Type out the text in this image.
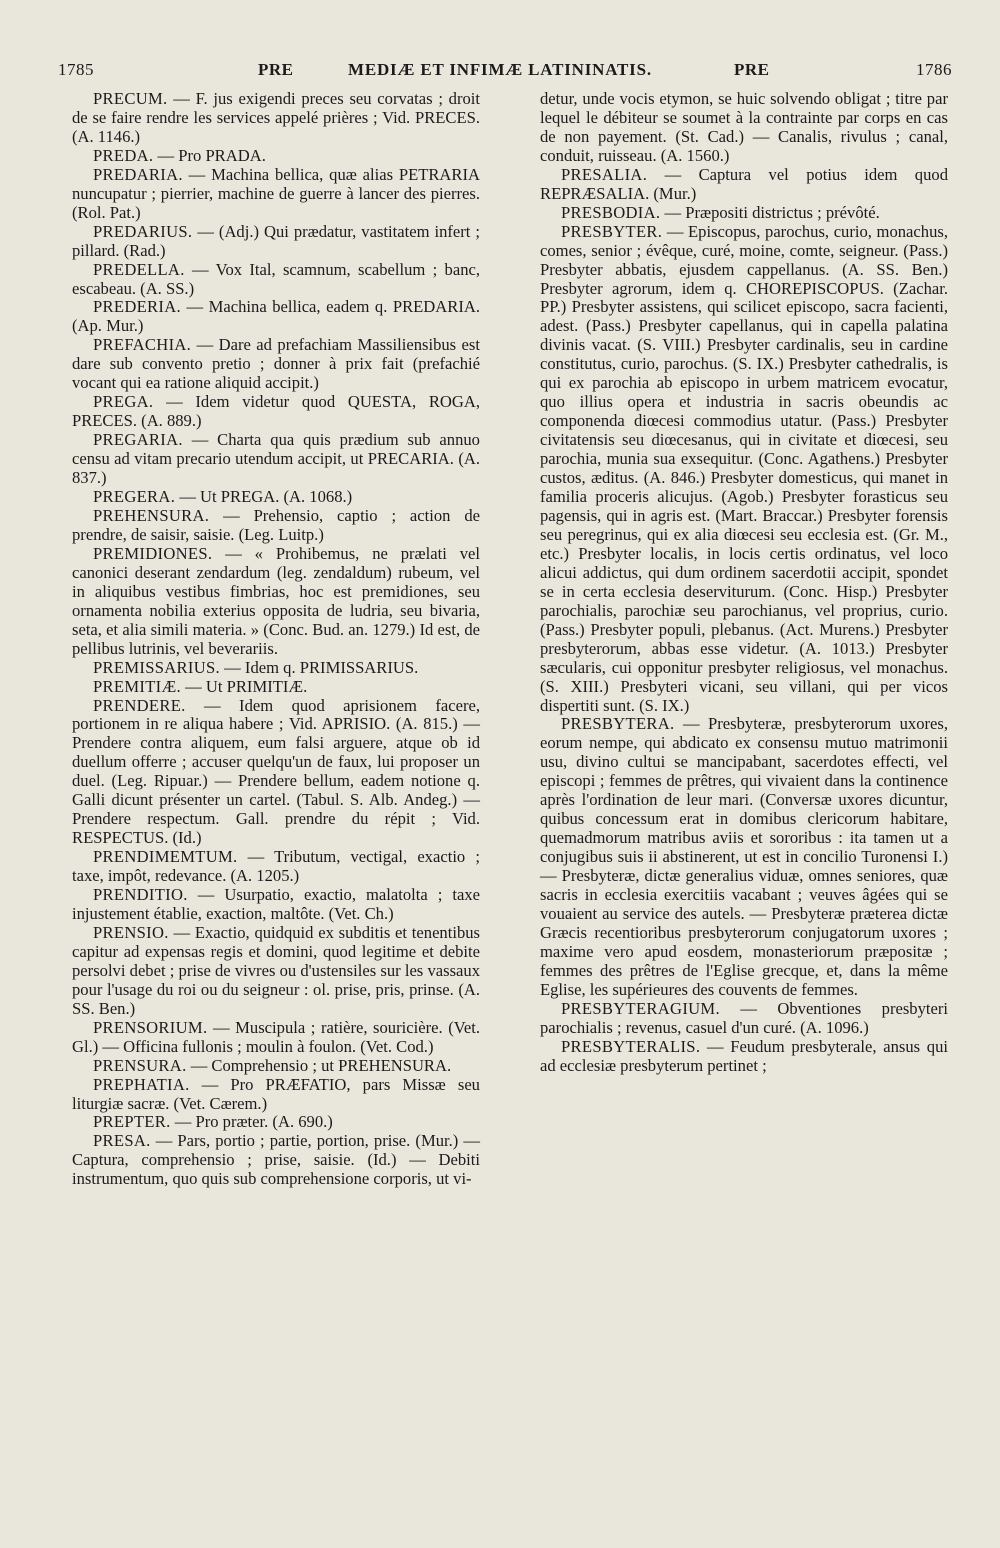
1785	PRE	MEDIÆ ET INFIMÆ LATININATIS.	PRE	1786

PRECUM. — F. jus exigendi preces seu corvatas ; droit de se faire rendre les services appelé prières ; Vid. PRECES. (A. 1146.)

PREDA. — Pro PRADA.

PREDARIA. — Machina bellica, quæ alias PETRARIA nuncupatur ; pierrier, machine de guerre à lancer des pierres. (Rol. Pat.)

PREDARIUS. — (Adj.) Qui prædatur, vastitatem infert ; pillard. (Rad.)

PREDELLA. — Vox Ital, scamnum, scabellum ; banc, escabeau. (A. SS.)

PREDERIA. — Machina bellica, eadem q. PREDARIA. (Ap. Mur.)

PREFACHIA. — Dare ad prefachiam Massiliensibus est dare sub convento pretio ; donner à prix fait (prefachié vocant qui ea ratione aliquid accipit.)

PREGA. — Idem videtur quod QUESTA, ROGA, PRECES. (A. 889.)

PREGARIA. — Charta qua quis prædium sub annuo censu ad vitam precario utendum accipit, ut PRECARIA. (A. 837.)

PREGERA. — Ut PREGA. (A. 1068.)

PREHENSURA. — Prehensio, captio ; action de prendre, de saisir, saisie. (Leg. Luitp.)

PREMIDIONES. — « Prohibemus, ne prælati vel canonici deserant zendardum (leg. zendaldum) rubeum, vel in aliquibus vestibus fimbrias, hoc est premidiones, seu ornamenta nobilia exterius opposita de ludria, seu bivaria, seta, et alia simili materia. » (Conc. Bud. an. 1279.) Id est, de pellibus lutrinis, vel beverariis.

PREMISSARIUS. — Idem q. PRIMISSARIUS.

PREMITIÆ. — Ut PRIMITIÆ.

PRENDERE. — Idem quod aprisionem facere, portionem in re aliqua habere ; Vid. APRISIO. (A. 815.) — Prendere contra aliquem, eum falsi arguere, atque ob id duellum offerre ; accuser quelqu'un de faux, lui proposer un duel. (Leg. Ripuar.) — Prendere bellum, eadem notione q. Galli dicunt présenter un cartel. (Tabul. S. Alb. Andeg.) — Prendere respectum. Gall. prendre du répit ; Vid. RESPECTUS. (Id.)

PRENDIMEMTUM. — Tributum, vectigal, exactio ; taxe, impôt, redevance. (A. 1205.)

PRENDITIO. — Usurpatio, exactio, malatolta ; taxe injustement établie, exaction, maltôte. (Vet. Ch.)

PRENSIO. — Exactio, quidquid ex subditis et tenentibus capitur ad expensas regis et domini, quod legitime et debite persolvi debet ; prise de vivres ou d'ustensiles sur les vassaux pour l'usage du roi ou du seigneur : ol. prise, pris, prinse. (A. SS. Ben.)

PRENSORIUM. — Muscipula ; ratière, souricière. (Vet. Gl.) — Officina fullonis ; moulin à foulon. (Vet. Cod.)

PRENSURA. — Comprehensio ; ut PREHENSURA.

PREPHATIA. — Pro PRÆFATIO, pars Missæ seu liturgiæ sacræ. (Vet. Cærem.)

PREPTER. — Pro præter. (A. 690.)

PRESA. — Pars, portio ; partie, portion, prise. (Mur.) — Captura, comprehensio ; prise, saisie. (Id.) — Debiti instrumentum, quo quis sub comprehensione corporis, ut vi-

detur, unde vocis etymon, se huic solvendo obligat ; titre par lequel le débiteur se soumet à la contrainte par corps en cas de non payement. (St. Cad.) — Canalis, rivulus ; canal, conduit, ruisseau. (A. 1560.)

PRESALIA. — Captura vel potius idem quod REPRÆSALIA. (Mur.)

PRESBODIA. — Præpositi districtus ; prévôté.

PRESBYTER. — Episcopus, parochus, curio, monachus, comes, senior ; évêque, curé, moine, comte, seigneur. (Pass.) Presbyter abbatis, ejusdem cappellanus. (A. SS. Ben.) Presbyter agrorum, idem q. CHOREPISCOPUS. (Zachar. PP.) Presbyter assistens, qui scilicet episcopo, sacra facienti, adest. (Pass.) Presbyter capellanus, qui in capella palatina divinis vacat. (S. VIII.) Presbyter cardinalis, seu in cardine constitutus, curio, parochus. (S. IX.) Presbyter cathedralis, is qui ex parochia ab episcopo in urbem matricem evocatur, quo illius opera et industria in sacris obeundis ac componenda diœcesi commodius utatur. (Pass.) Presbyter civitatensis seu diœcesanus, qui in civitate et diœcesi, seu parochia, munia sua exsequitur. (Conc. Agathens.) Presbyter custos, æditus. (A. 846.) Presbyter domesticus, qui manet in familia proceris alicujus. (Agob.) Presbyter forasticus seu pagensis, qui in agris est. (Mart. Braccar.) Presbyter forensis seu peregrinus, qui ex alia diœcesi seu ecclesia est. (Gr. M., etc.) Presbyter localis, in locis certis ordinatus, vel loco alicui addictus, qui dum ordinem sacerdotii accipit, spondet se in certa ecclesia deserviturum. (Conc. Hisp.) Presbyter parochialis, parochiæ seu parochianus, vel proprius, curio. (Pass.) Presbyter populi, plebanus. (Act. Murens.) Presbyter presbyterorum, abbas esse videtur. (A. 1013.) Presbyter sæcularis, cui opponitur presbyter religiosus, vel monachus. (S. XIII.) Presbyteri vicani, seu villani, qui per vicos dispertiti sunt. (S. IX.)

PRESBYTERA. — Presbyteræ, presbyterorum uxores, eorum nempe, qui abdicato ex consensu mutuo matrimonii usu, divino cultui se mancipabant, sacerdotes effecti, vel episcopi ; femmes de prêtres, qui vivaient dans la continence après l'ordination de leur mari. (Conversæ uxores dicuntur, quibus concessum erat in domibus clericorum habitare, quemadmorum matribus aviis et sororibus : ita tamen ut a conjugibus suis ii abstinerent, ut est in concilio Turonensi I.) — Presbyteræ, dictæ generalius viduæ, omnes seniores, quæ sacris in ecclesia exercitiis vacabant ; veuves âgées qui se vouaient au service des autels. — Presbyteræ præterea dictæ Græcis recentioribus presbyterorum conjugatorum uxores ; maxime vero apud eosdem, monasteriorum præpositæ ; femmes des prêtres de l'Eglise grecque, et, dans la même Eglise, les supérieures des couvents de femmes.

PRESBYTERAGIUM. — Obventiones presbyteri parochialis ; revenus, casuel d'un curé. (A. 1096.)

PRESBYTERALIS. — Feudum presbyterale, ansus qui ad ecclesiæ presbyterum pertinet ;
